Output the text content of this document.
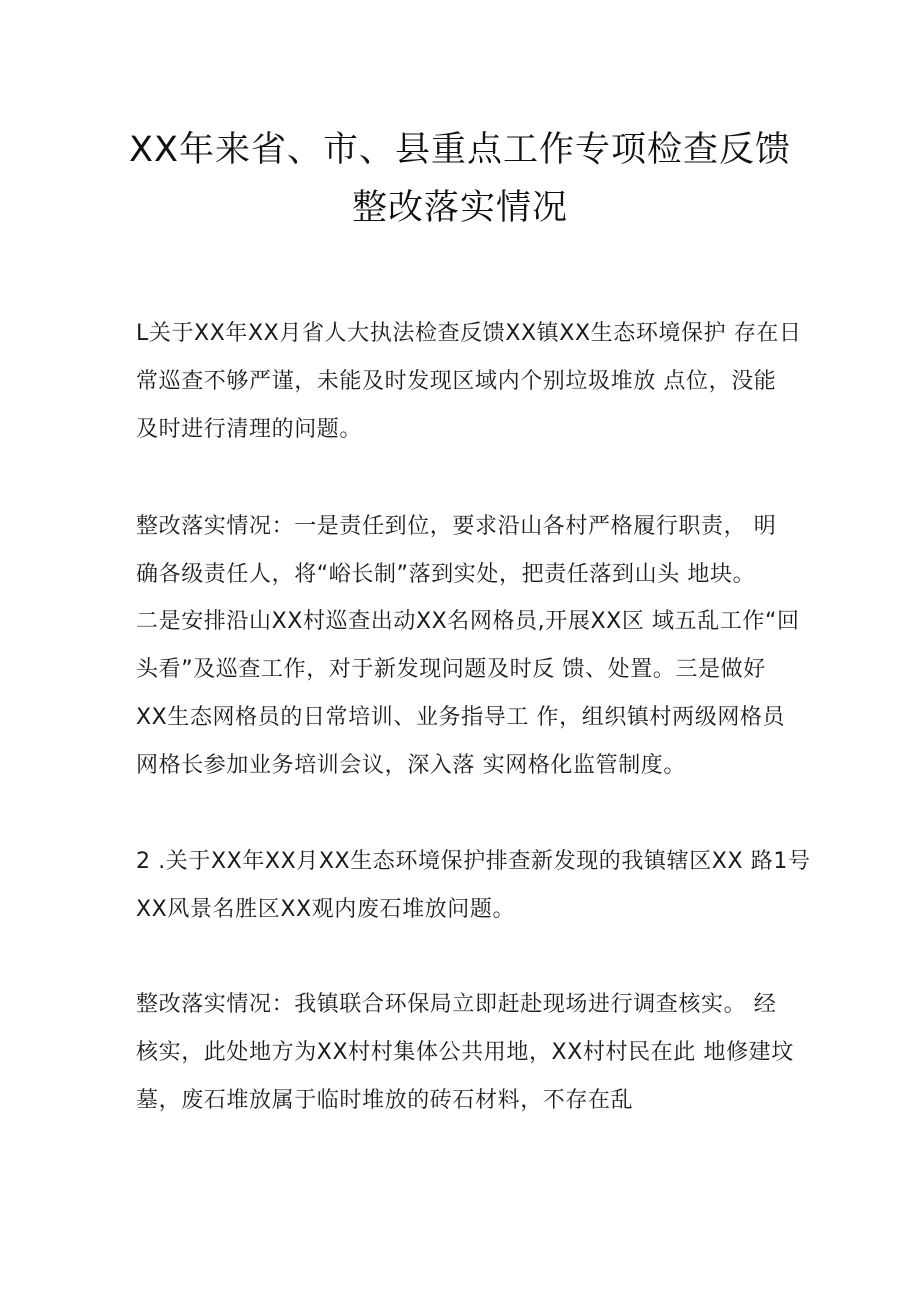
XX年来省、市、县重点工作专项检查反馈
整改落实情况
L关于XX年XX月省人大执法检查反馈XX镇XX生态环境保护 存在日
常巡查不够严谨，未能及时发现区域内个别垃圾堆放 点位，没能
及时进行清理的问题。
整改落实情况：一是责任到位，要求沿山各村严格履行职责， 明
确各级责任人，将“峪长制”落到实处，把责任落到山头 地块。
二是安排沿山XX村巡查出动XX名网格员,开展XX区 域五乱工作“回
头看”及巡查工作，对于新发现问题及时反 馈、处置。三是做好
XX生态网格员的日常培训、业务指导工 作，组织镇村两级网格员
网格长参加业务培训会议，深入落 实网格化监管制度。
2 .关于XX年XX月XX生态环境保护排查新发现的我镇辖区XX 路1号
XX风景名胜区XX观内废石堆放问题。
整改落实情况：我镇联合环保局立即赶赴现场进行调查核实。 经
核实，此处地方为XX村村集体公共用地，XX村村民在此 地修建坟
墓，废石堆放属于临时堆放的砖石材料，不存在乱
